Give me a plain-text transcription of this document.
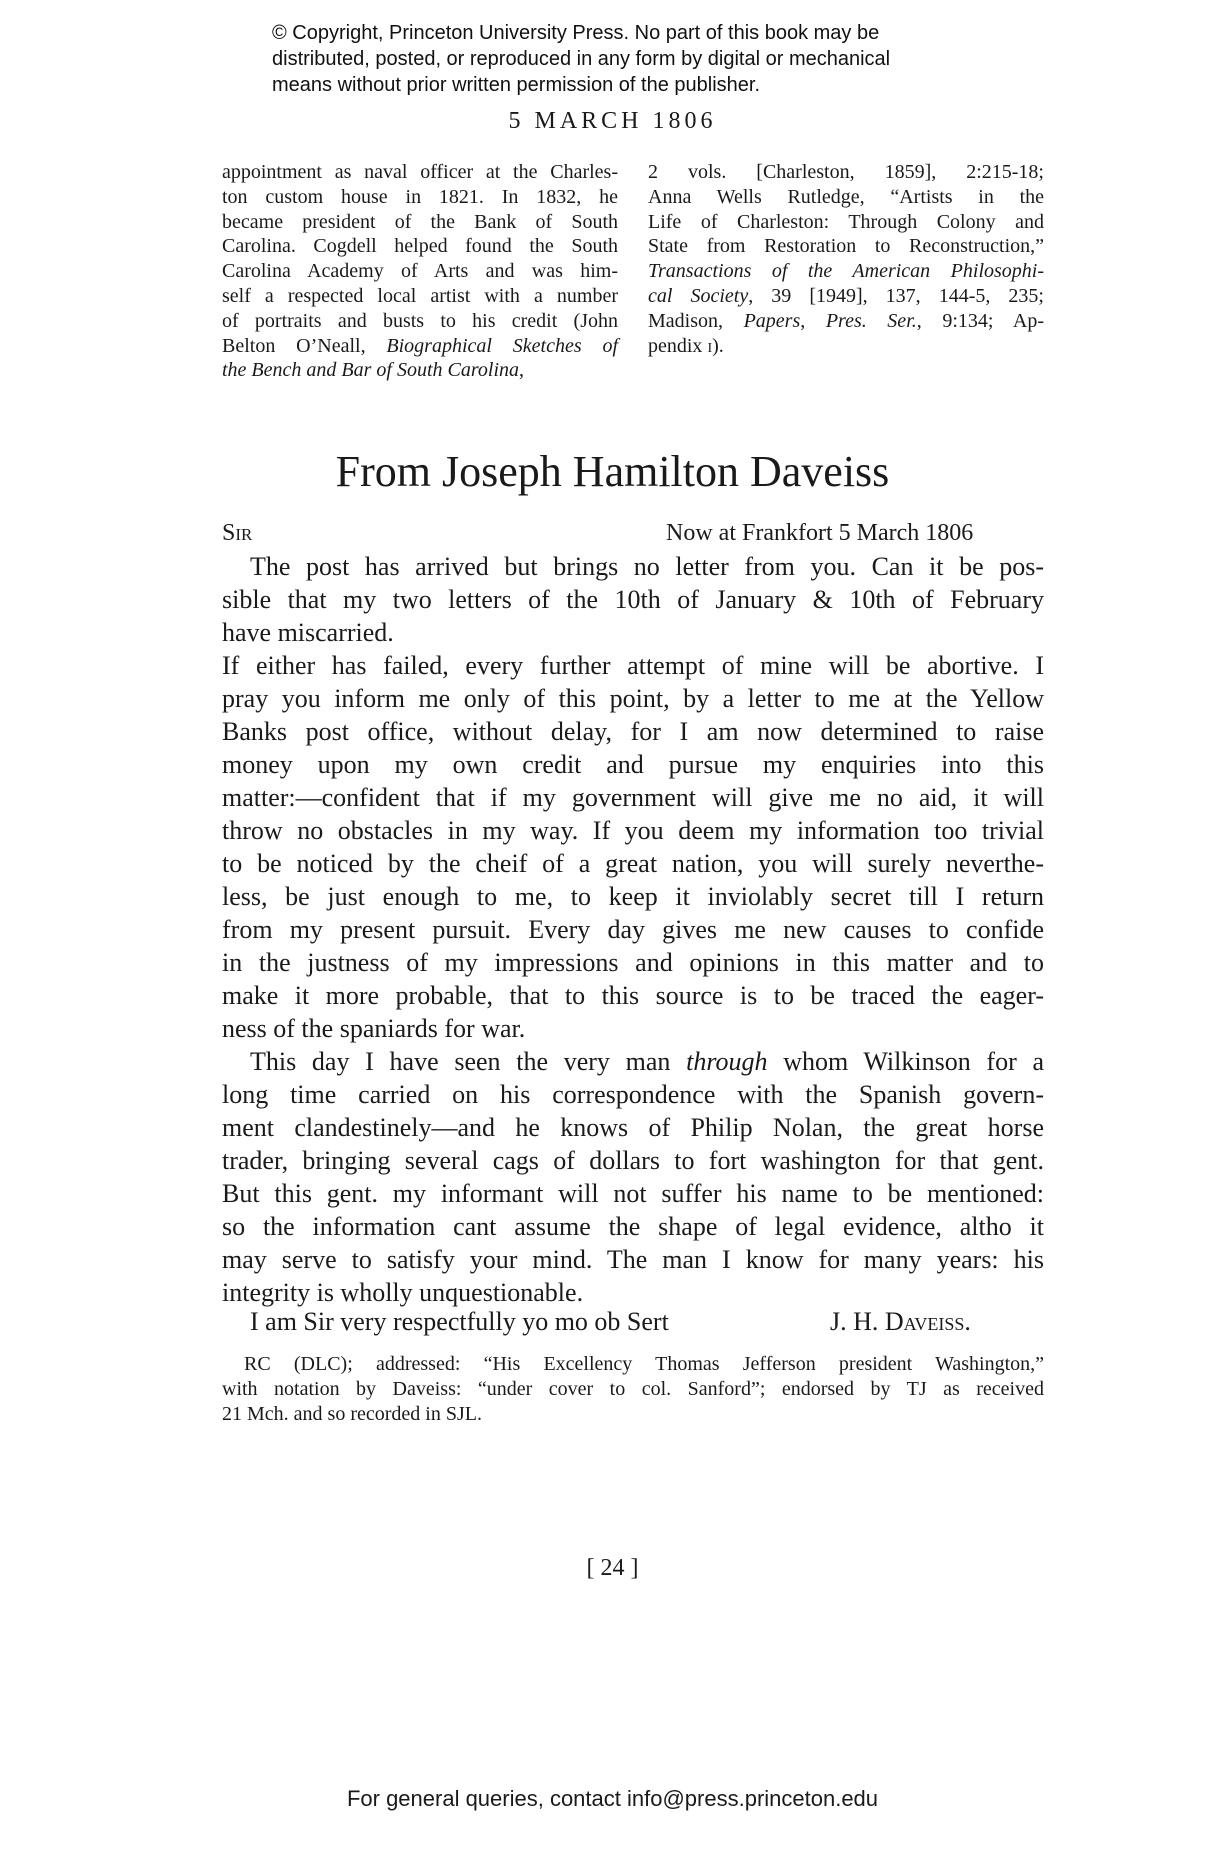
© Copyright, Princeton University Press. No part of this book may be
distributed, posted, or reproduced in any form by digital or mechanical
means without prior written permission of the publisher.
5 MARCH 1806
appointment as naval officer at the Charles-
ton custom house in 1821. In 1832, he
became president of the Bank of South
Carolina. Cogdell helped found the South
Carolina Academy of Arts and was him-
self a respected local artist with a number
of portraits and busts to his credit (John
Belton O’Neall, Biographical Sketches of
the Bench and Bar of South Carolina,
2 vols. [Charleston, 1859], 2:215-18;
Anna Wells Rutledge, “Artists in the
Life of Charleston: Through Colony and
State from Restoration to Reconstruction,”
Transactions of the American Philosophi-
cal Society, 39 [1949], 137, 144-5, 235;
Madison, Papers, Pres. Ser., 9:134; Ap-
pendix i).
From Joseph Hamilton Daveiss
Sir	Now at Frankfort 5 March 1806
The post has arrived but brings no letter from you. Can it be pos-
sible that my two letters of the 10th of January & 10th of February
have miscarried.
If either has failed, every further attempt of mine will be abortive. I
pray you inform me only of this point, by a letter to me at the Yellow
Banks post office, without delay, for I am now determined to raise
money upon my own credit and pursue my enquiries into this
matter:—confident that if my government will give me no aid, it will
throw no obstacles in my way. If you deem my information too trivial
to be noticed by the cheif of a great nation, you will surely neverthe-
less, be just enough to me, to keep it inviolably secret till I return
from my present pursuit. Every day gives me new causes to confide
in the justness of my impressions and opinions in this matter and to
make it more probable, that to this source is to be traced the eager-
ness of the spaniards for war.
This day I have seen the very man through whom Wilkinson for a
long time carried on his correspondence with the Spanish govern-
ment clandestinely—and he knows of Philip Nolan, the great horse
trader, bringing several cags of dollars to fort washington for that gent.
But this gent. my informant will not suffer his name to be mentioned:
so the information cant assume the shape of legal evidence, altho it
may serve to satisfy your mind. The man I know for many years: his
integrity is wholly unquestionable.
I am Sir very respectfully yo mo ob Sert	J. H. Daveiss.
RC (DLC); addressed: “His Excellency Thomas Jefferson president Washington,”
with notation by Daveiss: “under cover to col. Sanford”; endorsed by TJ as received
21 Mch. and so recorded in SJL.
[ 24 ]
For general queries, contact info@press.princeton.edu
